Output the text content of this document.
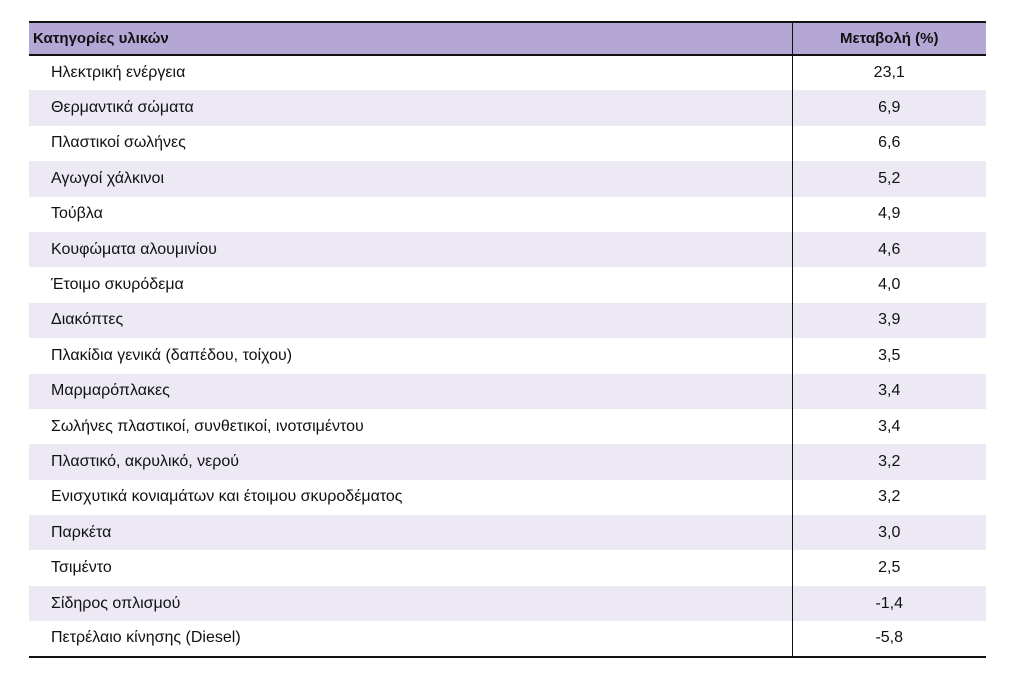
Κατηγορίες υλικών	Μεταβολή (%)
Ηλεκτρική ενέργεια	23,1
Θερμαντικά σώματα	6,9
Πλαστικοί σωλήνες	6,6
Αγωγοί χάλκινοι	5,2
Τούβλα	4,9
Κουφώματα αλουμινίου	4,6
Έτοιμο σκυρόδεμα	4,0
Διακόπτες	3,9
Πλακίδια γενικά (δαπέδου, τοίχου)	3,5
Μαρμαρόπλακες	3,4
Σωλήνες πλαστικοί, συνθετικοί, ινοτσιμέντου	3,4
Πλαστικό, ακρυλικό, νερού	3,2
Ενισχυτικά κονιαμάτων και έτοιμου σκυροδέματος	3,2
Παρκέτα	3,0
Τσιμέντο	2,5
Σίδηρος οπλισμού	-1,4
Πετρέλαιο κίνησης (Diesel)	-5,8
